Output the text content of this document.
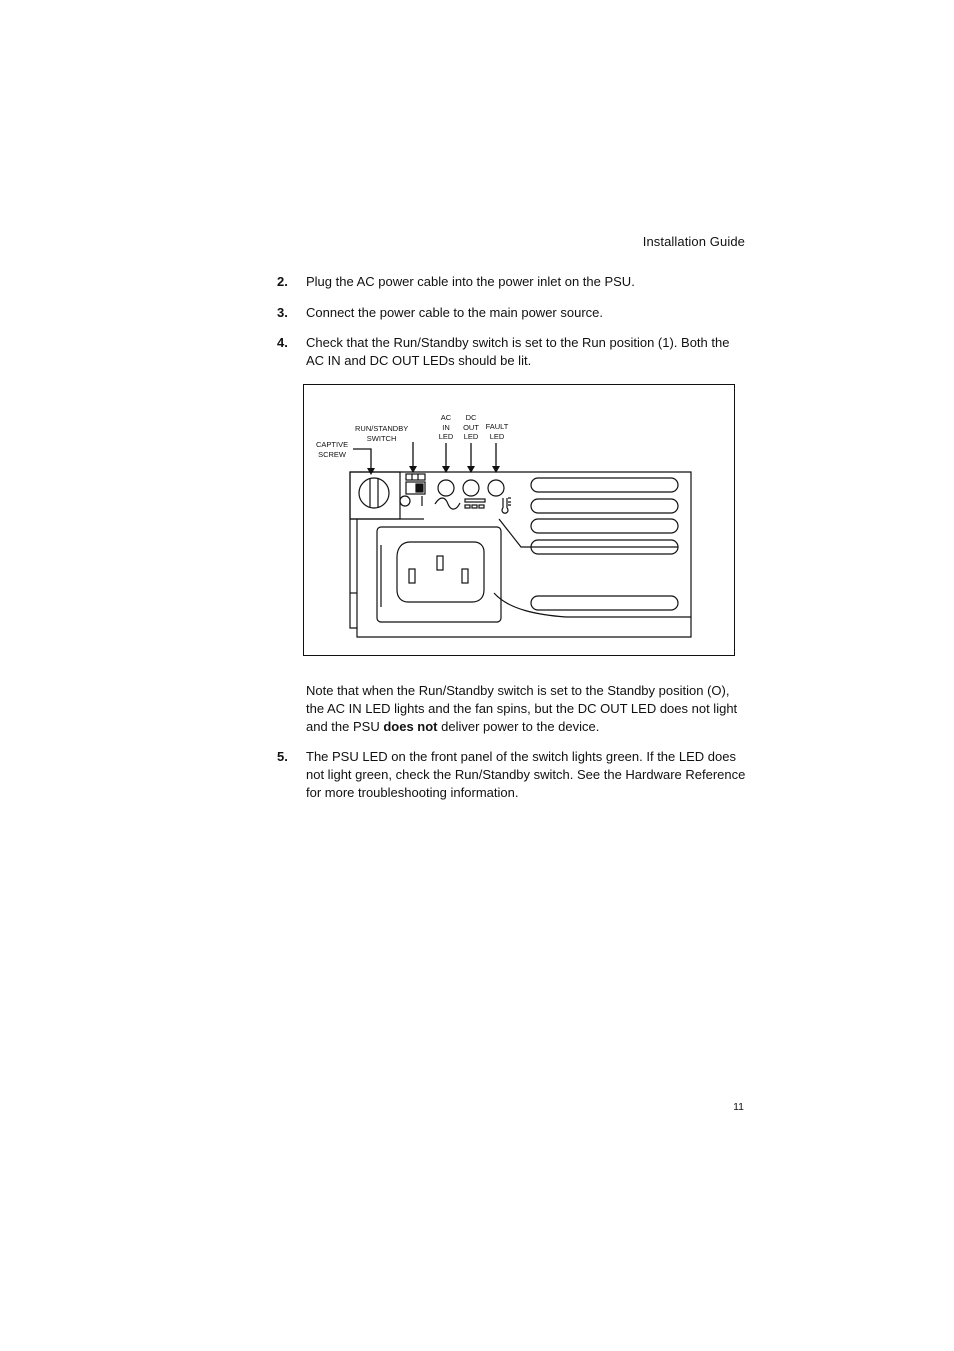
Installation Guide
2. Plug the AC power cable into the power inlet on the PSU.
3. Connect the power cable to the main power source.
4. Check that the Run/Standby switch is set to the Run position (1). Both the AC IN and DC OUT LEDs should be lit.
CAPTIVE
SCREW
RUN/STANDBY
SWITCH
AC
IN
LED
DC
OUT
LED
FAULT
LED
Note that when the Run/Standby switch is set to the Standby position (O), the AC IN LED lights and the fan spins, but the DC OUT LED does not light and the PSU does not deliver power to the device.
5. The PSU LED on the front panel of the switch lights green. If the LED does not light green, check the Run/Standby switch. See the Hardware Reference for more troubleshooting information.
11
